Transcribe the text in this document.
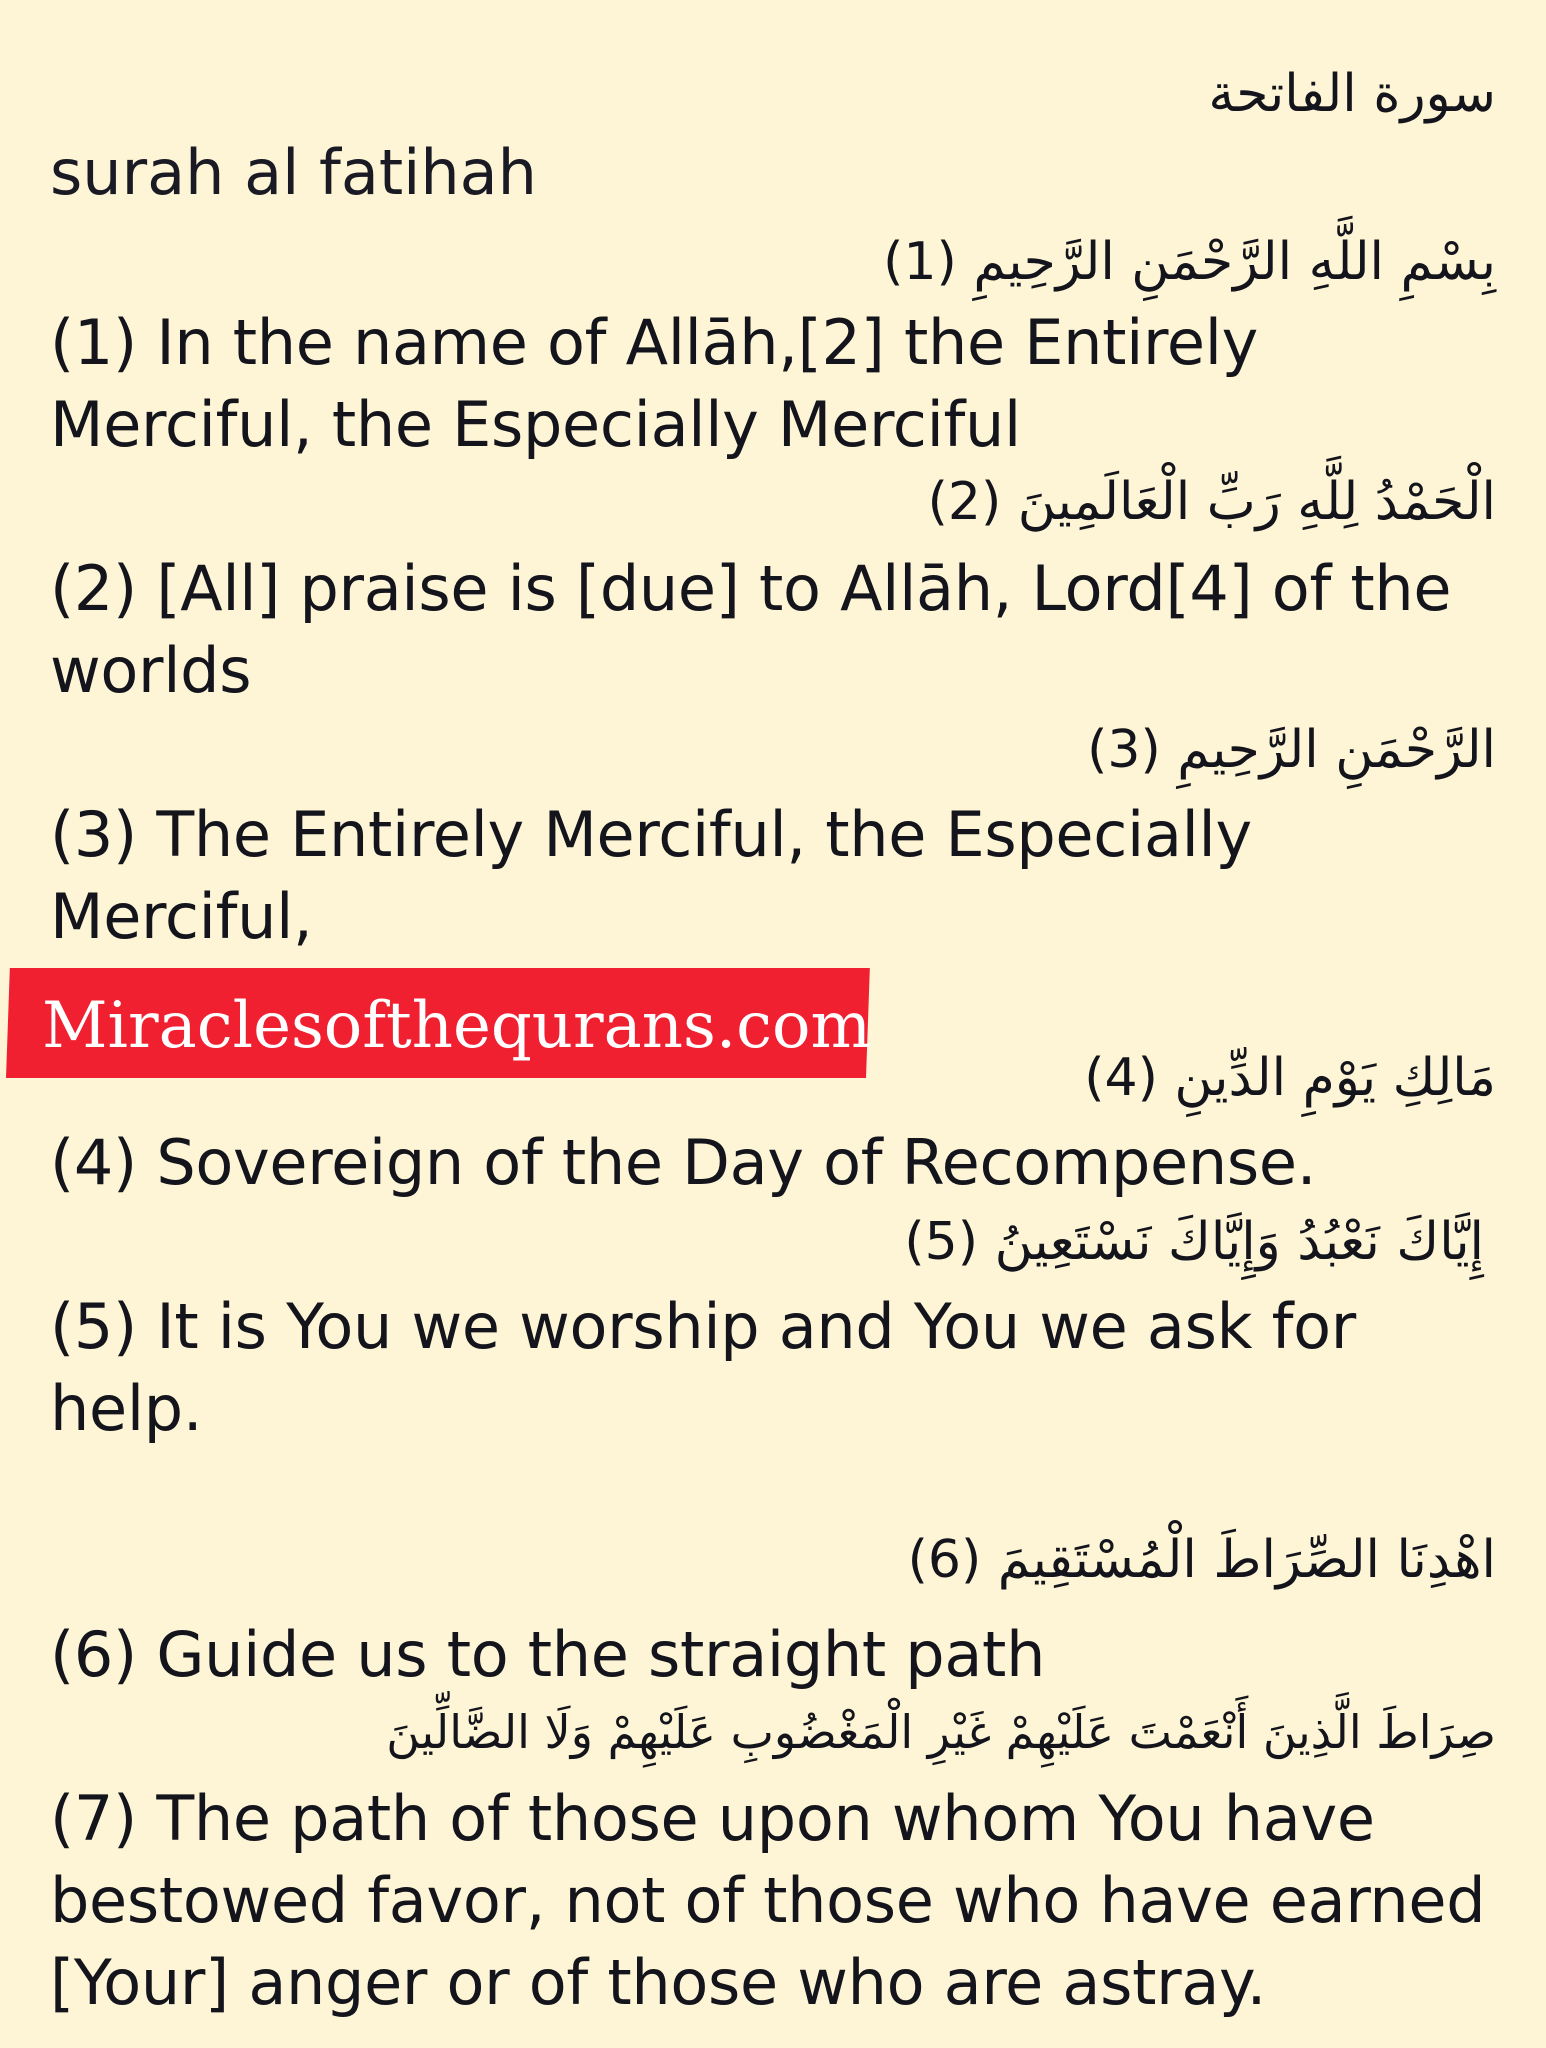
سورة الفاتحة
surah al fatihah
بِسْمِ اللَّهِ الرَّحْمَنِ الرَّحِيمِ (1)
(1) In the name of Allāh,[2] the Entirely Merciful, the Especially Merciful
الْحَمْدُ لِلَّهِ رَبِّ الْعَالَمِينَ (2)
(2) [All] praise is [due] to Allāh, Lord[4] of the worlds
الرَّحْمَنِ الرَّحِيمِ (3)
(3) The Entirely Merciful, the Especially Merciful,
Miraclesofthequrans.com
مَالِكِ يَوْمِ الدِّينِ (4)
(4) Sovereign of the Day of Recompense.
إِيَّاكَ نَعْبُدُ وَإِيَّاكَ نَسْتَعِينُ (5)
(5) It is You we worship and You we ask for help.
اهْدِنَا الصِّرَاطَ الْمُسْتَقِيمَ (6)
(6) Guide us to the straight path
صِرَاطَ الَّذِينَ أَنْعَمْتَ عَلَيْهِمْ غَيْرِ الْمَغْضُوبِ عَلَيْهِمْ وَلَا الضَّالِّينَ
(7) The path of those upon whom You have bestowed favor, not of those who have earned [Your] anger or of those who are astray.
